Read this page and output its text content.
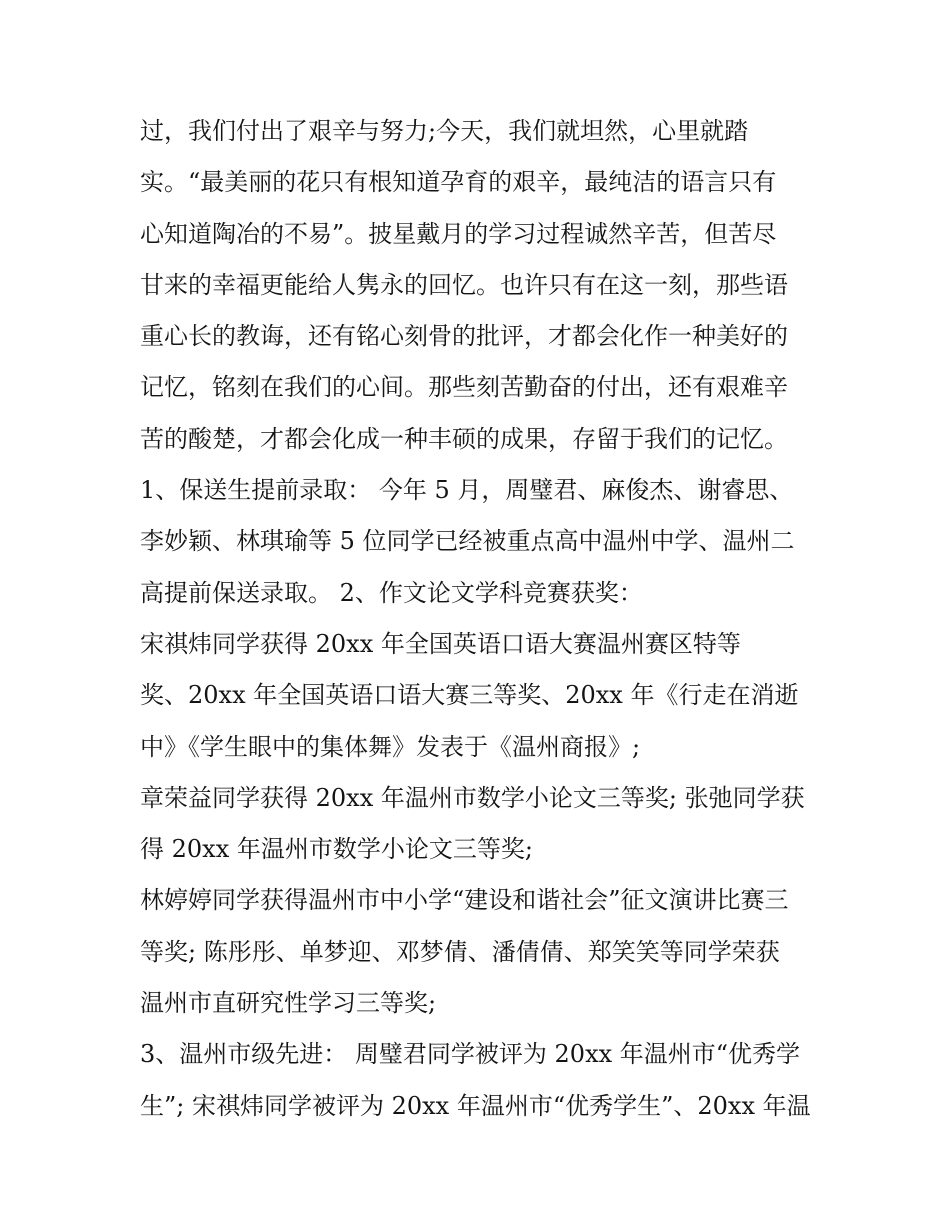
过，我们付出了艰辛与努力;今天，我们就坦然，心里就踏
实。“最美丽的花只有根知道孕育的艰辛，最纯洁的语言只有
心知道陶冶的不易”。披星戴月的学习过程诚然辛苦，但苦尽
甘来的幸福更能给人隽永的回忆。也许只有在这一刻，那些语
重心长的教诲，还有铭心刻骨的批评，才都会化作一种美好的
记忆，铭刻在我们的心间。那些刻苦勤奋的付出，还有艰难辛
苦的酸楚，才都会化成一种丰硕的成果，存留于我们的记忆。
1、保送生提前录取： 今年 5 月，周璧君、麻俊杰、谢睿思、
李妙颖、林琪瑜等 5 位同学已经被重点高中温州中学、温州二
高提前保送录取。 2、作文论文学科竞赛获奖：
宋祺炜同学获得 20xx 年全国英语口语大赛温州赛区特等
奖、20xx 年全国英语口语大赛三等奖、20xx 年《行走在消逝
中》《学生眼中的集体舞》发表于《温州商报》;
章荣益同学获得 20xx 年温州市数学小论文三等奖; 张弛同学获
得 20xx 年温州市数学小论文三等奖;
林婷婷同学获得温州市中小学“建设和谐社会”征文演讲比赛三
等奖; 陈彤彤、单梦迎、邓梦倩、潘倩倩、郑笑笑等同学荣获
温州市直研究性学习三等奖;
3、温州市级先进： 周璧君同学被评为 20xx 年温州市“优秀学
生”; 宋祺炜同学被评为 20xx 年温州市“优秀学生”、20xx 年温
